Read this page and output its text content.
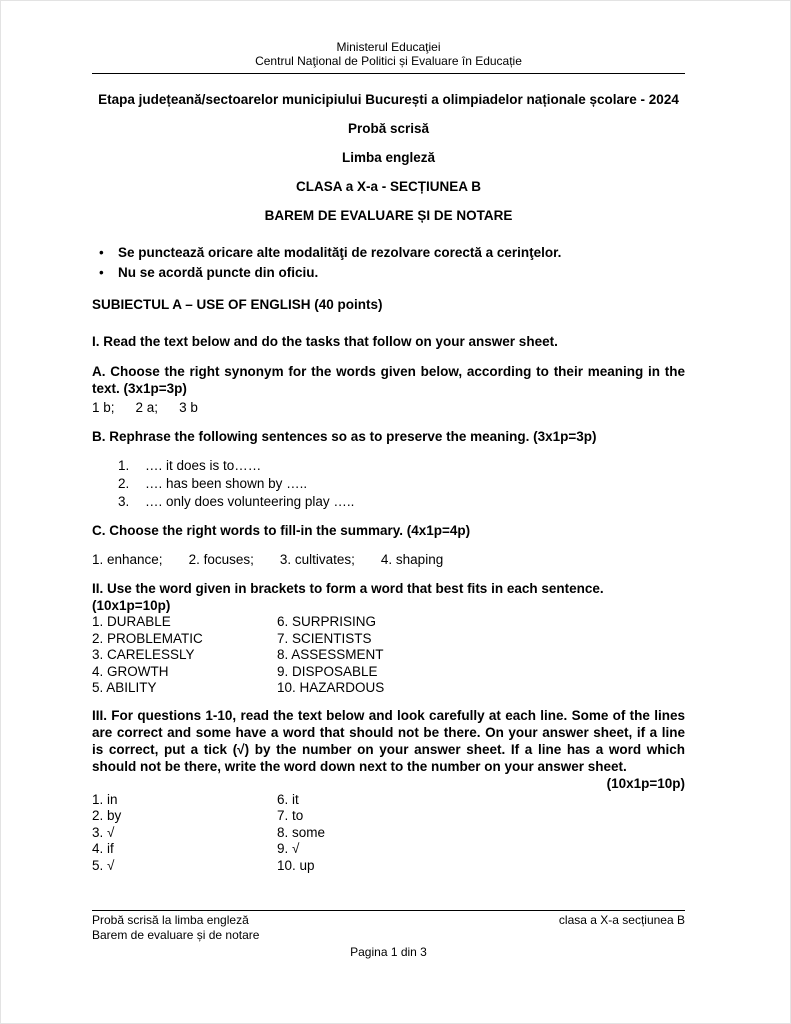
Ministerul Educaţiei
Centrul Naţional de Politici și Evaluare în Educație

Etapa județeană/sectoarelor municipiului București a olimpiadelor naționale școlare - 2024

Probă scrisă

Limba engleză

CLASA a X-a - SECȚIUNEA B

BAREM DE EVALUARE ȘI DE NOTARE

•	Se punctează oricare alte modalităţi de rezolvare corectă a cerinţelor.
•	Nu se acordă puncte din oficiu.

SUBIECTUL A – USE OF ENGLISH (40 points)

I. Read the text below and do the tasks that follow on your answer sheet.

A. Choose the right synonym for the words given below, according to their meaning in the text. (3x1p=3p)

1 b; 2 a; 3 b

B. Rephrase the following sentences so as to preserve the meaning. (3x1p=3p)

1. …. it does is to……
2. …. has been shown by …..
3. …. only does volunteering play …..

C. Choose the right words to fill-in the summary. (4x1p=4p)

1. enhance; 2. focuses; 3. cultivates; 4. shaping

II. Use the word given in brackets to form a word that best fits in each sentence.

(10x1p=10p)

1. DURABLE	6. SURPRISING
2. PROBLEMATIC	7. SCIENTISTS
3. CARELESSLY	8. ASSESSMENT
4. GROWTH	9. DISPOSABLE
5. ABILITY	10. HAZARDOUS

III. For questions 1-10, read the text below and look carefully at each line. Some of the lines are correct and some have a word that should not be there. On your answer sheet, if a line is correct, put a tick (√) by the number on your answer sheet. If a line has a word which should not be there, write the word down next to the number on your answer sheet.

(10x1p=10p)

1. in	6. it
2. by	7. to
3. √	8. some
4. if	9. √
5. √	10. up
Probă scrisă la limba engleză	clasa a X-a secțiunea B
Barem de evaluare și de notare
Pagina 1 din 3
